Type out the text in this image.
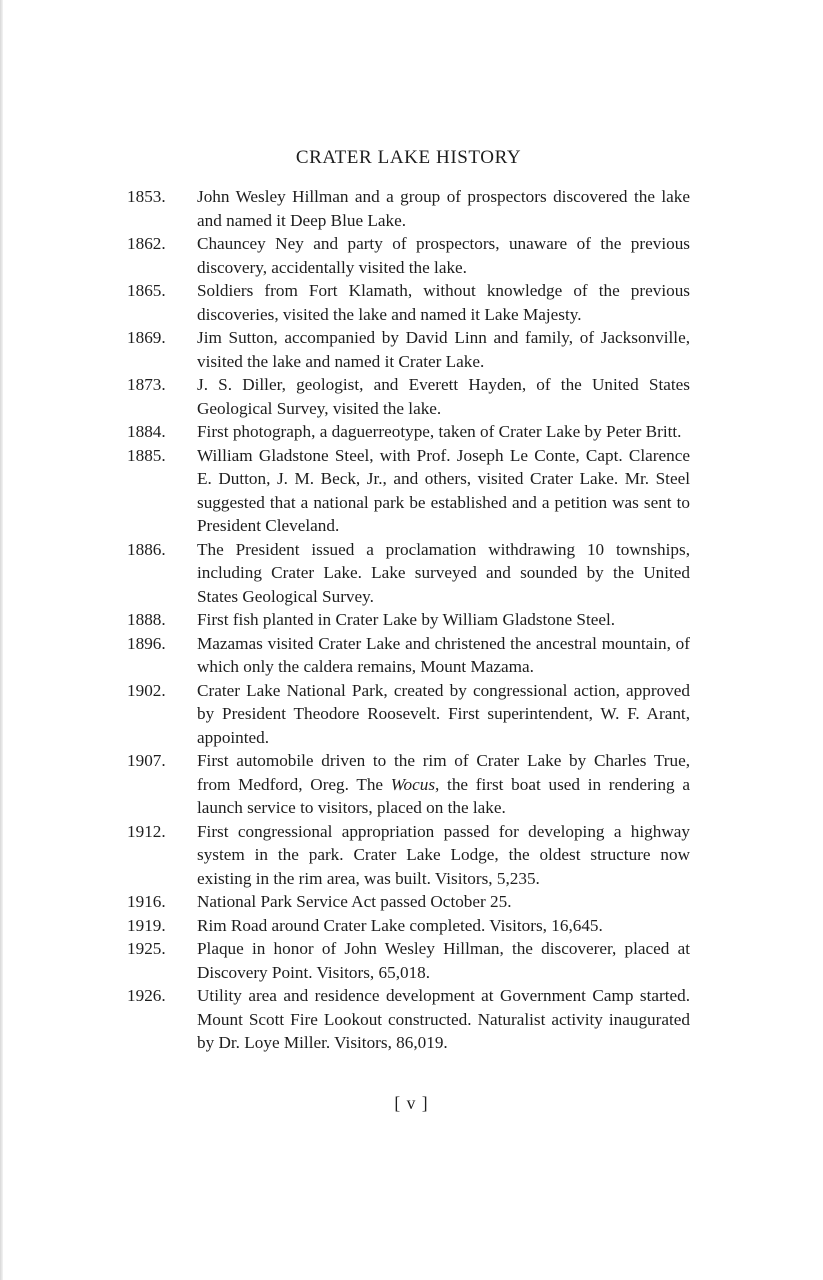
CRATER LAKE HISTORY
1853.	John Wesley Hillman and a group of prospectors discovered the lake and named it Deep Blue Lake.
1862.	Chauncey Ney and party of prospectors, unaware of the previous discovery, accidentally visited the lake.
1865.	Soldiers from Fort Klamath, without knowledge of the previous discoveries, visited the lake and named it Lake Majesty.
1869.	Jim Sutton, accompanied by David Linn and family, of Jacksonville, visited the lake and named it Crater Lake.
1873.	J. S. Diller, geologist, and Everett Hayden, of the United States Geological Survey, visited the lake.
1884.	First photograph, a daguerreotype, taken of Crater Lake by Peter Britt.
1885.	William Gladstone Steel, with Prof. Joseph Le Conte, Capt. Clarence E. Dutton, J. M. Beck, Jr., and others, visited Crater Lake. Mr. Steel suggested that a national park be established and a petition was sent to President Cleveland.
1886.	The President issued a proclamation withdrawing 10 townships, including Crater Lake. Lake surveyed and sounded by the United States Geological Survey.
1888.	First fish planted in Crater Lake by William Gladstone Steel.
1896.	Mazamas visited Crater Lake and christened the ancestral mountain, of which only the caldera remains, Mount Mazama.
1902.	Crater Lake National Park, created by congressional action, approved by President Theodore Roosevelt. First superintendent, W. F. Arant, appointed.
1907.	First automobile driven to the rim of Crater Lake by Charles True, from Medford, Oreg. The Wocus, the first boat used in rendering a launch service to visitors, placed on the lake.
1912.	First congressional appropriation passed for developing a highway system in the park. Crater Lake Lodge, the oldest structure now existing in the rim area, was built. Visitors, 5,235.
1916.	National Park Service Act passed October 25.
1919.	Rim Road around Crater Lake completed. Visitors, 16,645.
1925.	Plaque in honor of John Wesley Hillman, the discoverer, placed at Discovery Point. Visitors, 65,018.
1926.	Utility area and residence development at Government Camp started. Mount Scott Fire Lookout constructed. Naturalist activity inaugurated by Dr. Loye Miller. Visitors, 86,019.
[ v ]
